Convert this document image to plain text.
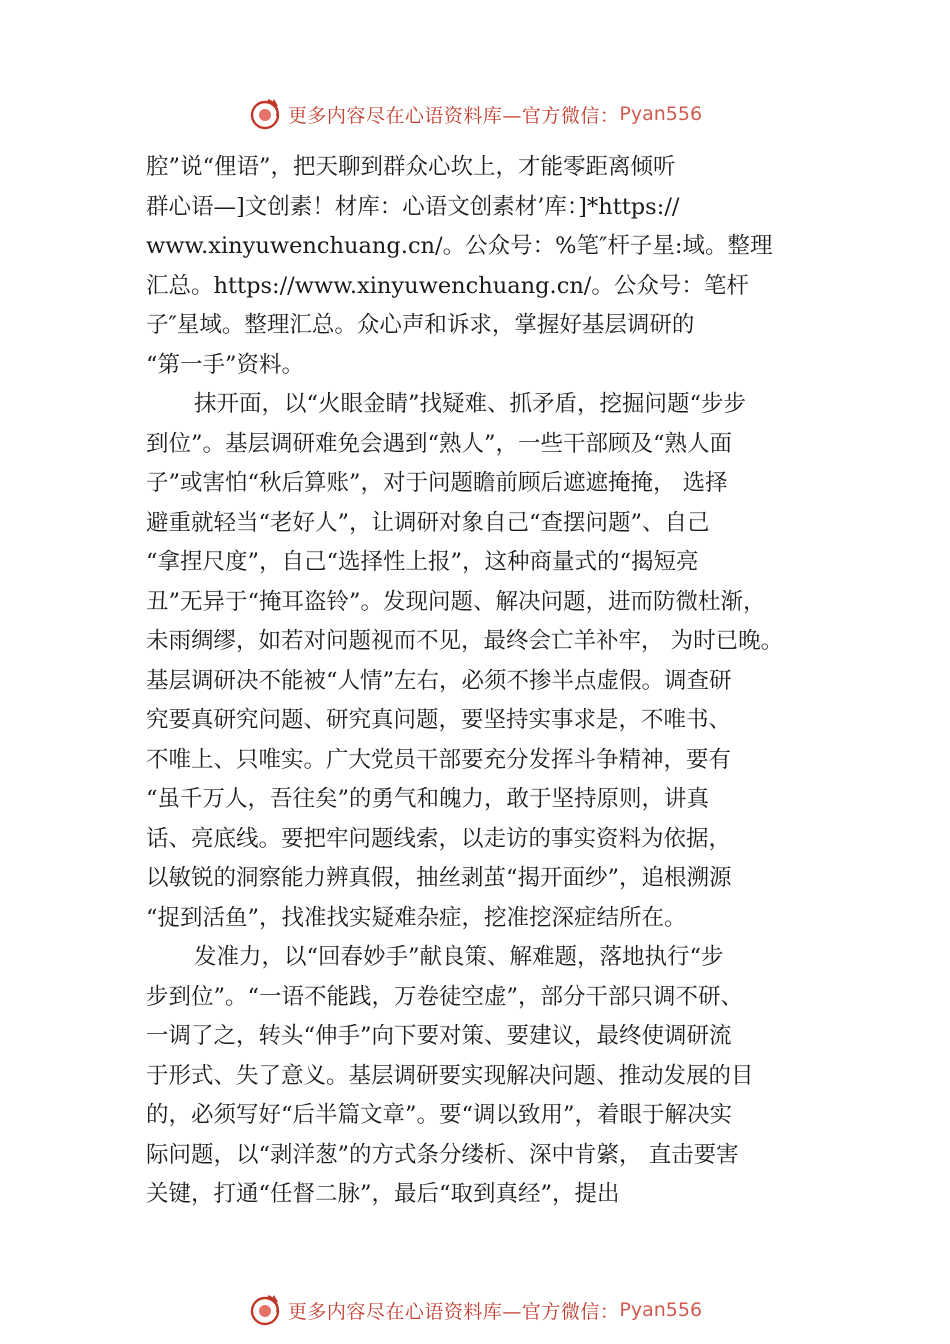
更多内容尽在心语资料库—官方微信： Pyan556
腔”说“俚语”，把天聊到群众心坎上，才能零距离倾听
群心语—]文创素！材库：心语文创素材’库：]*https://
www.xinyuwenchuang.cn/。公众号：%笔″杆子星:域。整理
汇总。https://www.xinyuwenchuang.cn/。公众号：笔杆
子″星域。整理汇总。众心声和诉求，掌握好基层调研的
“第一手”资料。
抹开面，以“火眼金睛”找疑难、抓矛盾，挖掘问题“步步
到位”。基层调研难免会遇到“熟人”，一些干部顾及“熟人面
子”或害怕“秋后算账”，对于问题瞻前顾后遮遮掩掩， 选择
避重就轻当“老好人”，让调研对象自己“查摆问题”、自己
“拿捏尺度”，自己“选择性上报”，这种商量式的“揭短亮
丑”无异于“掩耳盗铃”。发现问题、解决问题，进而防微杜渐，
未雨绸缪，如若对问题视而不见，最终会亡羊补牢， 为时已晚。
基层调研决不能被“人情”左右，必须不掺半点虚假。调查研
究要真研究问题、研究真问题，要坚持实事求是，不唯书、
不唯上、只唯实。广大党员干部要充分发挥斗争精神，要有
“虽千万人，吾往矣”的勇气和魄力，敢于坚持原则，讲真
话、亮底线。要把牢问题线索，以走访的事实资料为依据，
以敏锐的洞察能力辨真假，抽丝剥茧“揭开面纱”，追根溯源
“捉到活鱼”，找准找实疑难杂症，挖准挖深症结所在。
发准力，以“回春妙手”献良策、解难题，落地执行“步
步到位”。“一语不能践，万卷徒空虚”，部分干部只调不研、
一调了之，转头“伸手”向下要对策、要建议，最终使调研流
于形式、失了意义。基层调研要实现解决问题、推动发展的目
的，必须写好“后半篇文章”。要“调以致用”，着眼于解决实
际问题，以“剥洋葱”的方式条分缕析、深中肯綮， 直击要害
关键，打通“任督二脉”，最后“取到真经”，提出
更多内容尽在心语资料库—官方微信： Pyan556
